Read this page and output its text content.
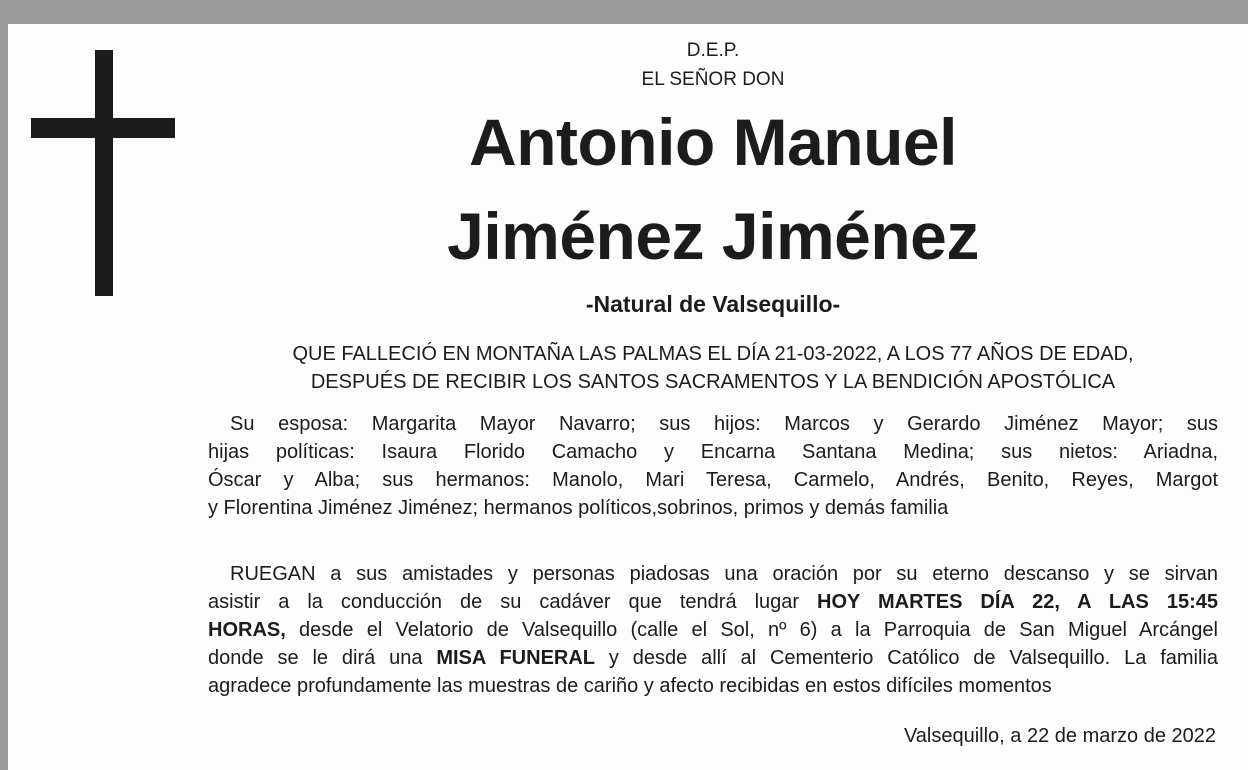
D.E.P.
EL SEÑOR DON
Antonio Manuel
Jiménez Jiménez
-Natural de Valsequillo-
QUE FALLECIÓ EN MONTAÑA LAS PALMAS EL DÍA 21-03-2022, A LOS 77 AÑOS DE EDAD,
DESPUÉS DE RECIBIR LOS SANTOS SACRAMENTOS Y LA BENDICIÓN APOSTÓLICA
Su esposa: Margarita Mayor Navarro; sus hijos: Marcos y Gerardo Jiménez Mayor; sus
hijas políticas: Isaura Florido Camacho y Encarna Santana Medina; sus nietos: Ariadna,
Óscar y Alba; sus hermanos: Manolo, Mari Teresa, Carmelo, Andrés, Benito, Reyes, Margot
y Florentina Jiménez Jiménez; hermanos políticos,sobrinos, primos y demás familia
RUEGAN a sus amistades y personas piadosas una oración por su eterno descanso y se sirvan
asistir a la conducción de su cadáver que tendrá lugar HOY MARTES DÍA 22, A LAS 15:45
HORAS, desde el Velatorio de Valsequillo (calle el Sol, nº 6) a la Parroquia de San Miguel Arcángel
donde se le dirá una MISA FUNERAL y desde allí al Cementerio Católico de Valsequillo. La familia
agradece profundamente las muestras de cariño y afecto recibidas en estos difíciles momentos
Valsequillo, a 22 de marzo de 2022
